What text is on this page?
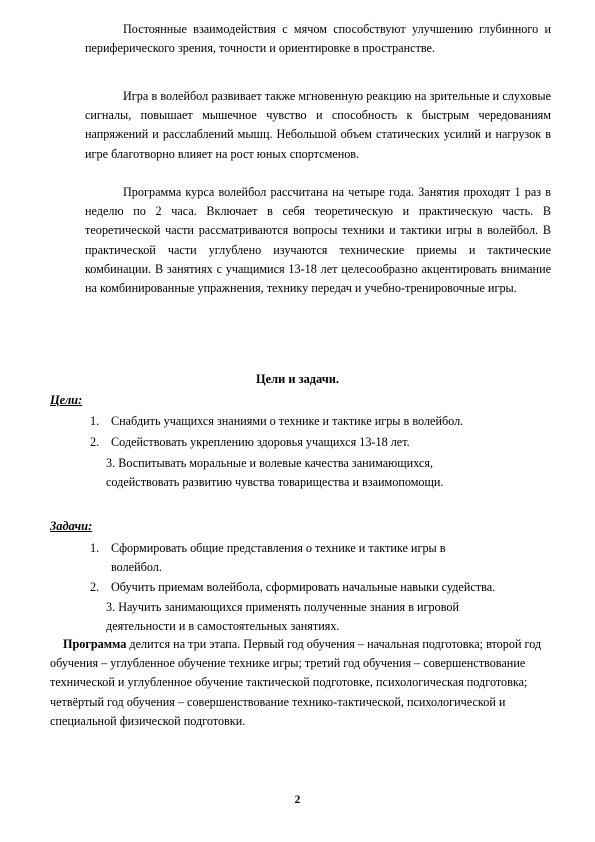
Постоянные взаимодействия с мячом способствуют улучшению глубинного и периферического зрения, точности и ориентировке в пространстве.

Игра в волейбол развивает также мгновенную реакцию на зрительные и слуховые сигналы, повышает мышечное чувство и способность к быстрым чередованиям напряжений и расслаблений мышц. Небольшой объем статических усилий и нагрузок в игре благотворно влияет на рост юных спортсменов.

Программа курса волейбол рассчитана на четыре года. Занятия проходят 1 раз в неделю по 2 часа. Включает в себя теоретическую и практическую часть. В теоретической части рассматриваются вопросы техники и тактики игры в волейбол. В практической части углублено изучаются технические приемы и тактические комбинации. В занятиях с учащимися 13-18 лет целесообразно акцентировать внимание на комбинированные упражнения, технику передач и учебно-тренировочные игры.

Цели и задачи.
Цели:
1. Снабдить учащихся знаниями о технике и тактике игры в волейбол.
2. Содействовать укреплению здоровья учащихся 13-18 лет.
3. Воспитывать моральные и волевые качества занимающихся,
содействовать развитию чувства товарищества и взаимопомощи.
Задачи:
1. Сформировать общие представления о технике и тактике игры в
волейбол.
2. Обучить приемам волейбола, сформировать начальные навыки судейства.
3. Научить занимающихся применять полученные знания в игровой
деятельности и в самостоятельных занятиях.

Программа делится на три этапа. Первый год обучения – начальная подготовка; второй год обучения – углубленное обучение технике игры; третий год обучения – совершенствование технической и углубленное обучение тактической подготовке, психологическая подготовка; четвёртый год обучения – совершенствование технико-тактической, психологической и специальной физической подготовки.

2
